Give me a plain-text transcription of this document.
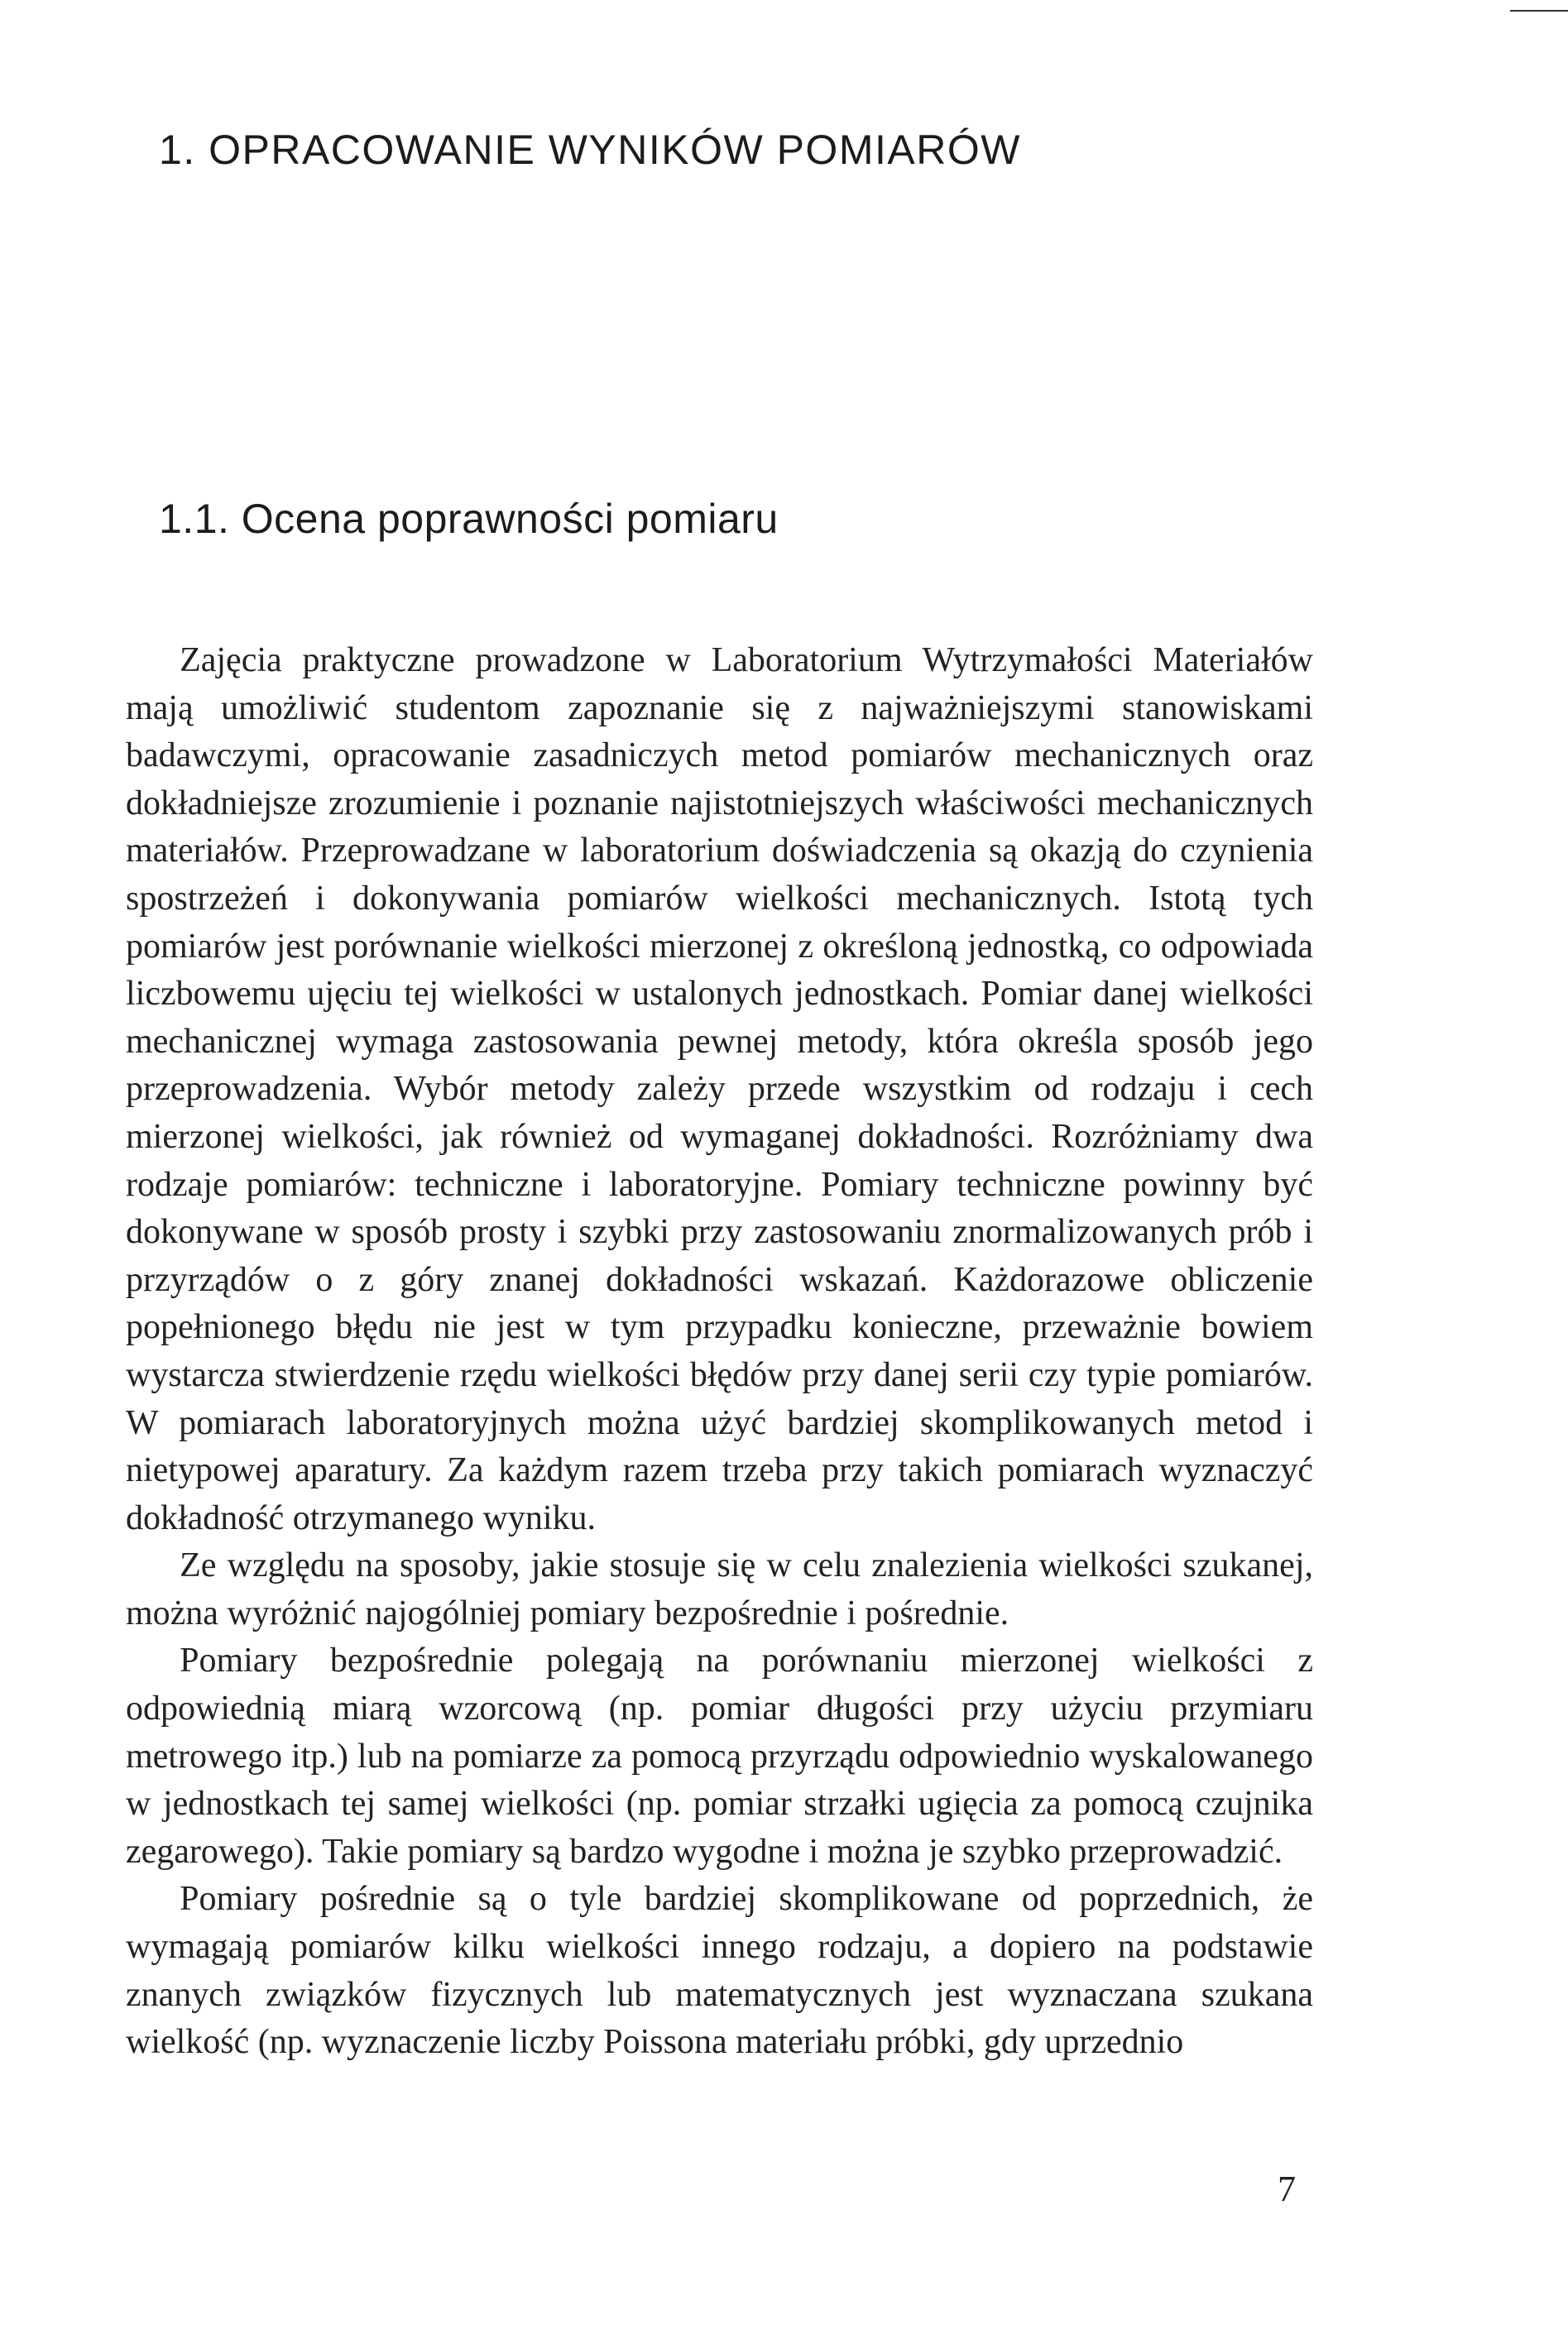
1. OPRACOWANIE WYNIKÓW POMIARÓW
1.1. Ocena poprawności pomiaru

Zajęcia praktyczne prowadzone w Laboratorium Wytrzymałości Materiałów mają umożliwić studentom zapoznanie się z najważniejszymi stanowiskami badawczymi, opracowanie zasadniczych metod pomiarów mechanicznych oraz dokładniejsze zrozumienie i poznanie najistotniejszych właściwości mechanicznych materiałów. Przeprowadzane w laboratorium doświadczenia są okazją do czynienia spostrzeżeń i dokonywania pomiarów wielkości mechanicznych. Istotą tych pomiarów jest porównanie wielkości mierzonej z określoną jednostką, co odpowiada liczbowemu ujęciu tej wielkości w ustalonych jednostkach. Pomiar danej wielkości mechanicznej wymaga zastosowania pewnej metody, która określa sposób jego przeprowadzenia. Wybór metody zależy przede wszystkim od rodzaju i cech mierzonej wielkości, jak również od wymaganej dokładności. Rozróżniamy dwa rodzaje pomiarów: techniczne i laboratoryjne. Pomiary techniczne powinny być dokonywane w sposób prosty i szybki przy zastosowaniu znormalizowanych prób i przyrządów o z góry znanej dokładności wskazań. Każdorazowe obliczenie popełnionego błędu nie jest w tym przypadku konieczne, przeważnie bowiem wystarcza stwierdzenie rzędu wielkości błędów przy danej serii czy typie pomiarów. W pomiarach laboratoryjnych można użyć bardziej skomplikowanych metod i nietypowej aparatury. Za każdym razem trzeba przy takich pomiarach wyznaczyć dokładność otrzymanego wyniku.

Ze względu na sposoby, jakie stosuje się w celu znalezienia wielkości szukanej, można wyróżnić najogólniej pomiary bezpośrednie i pośrednie.

Pomiary bezpośrednie polegają na porównaniu mierzonej wielkości z odpowiednią miarą wzorcową (np. pomiar długości przy użyciu przymiaru metrowego itp.) lub na pomiarze za pomocą przyrządu odpowiednio wyskalowanego w jednostkach tej samej wielkości (np. pomiar strzałki ugięcia za pomocą czujnika zegarowego). Takie pomiary są bardzo wygodne i można je szybko przeprowadzić.

Pomiary pośrednie są o tyle bardziej skomplikowane od poprzednich, że wymagają pomiarów kilku wielkości innego rodzaju, a dopiero na podstawie znanych związków fizycznych lub matematycznych jest wyznaczana szukana wielkość (np. wyznaczenie liczby Poissona materiału próbki, gdy uprzednio

7
